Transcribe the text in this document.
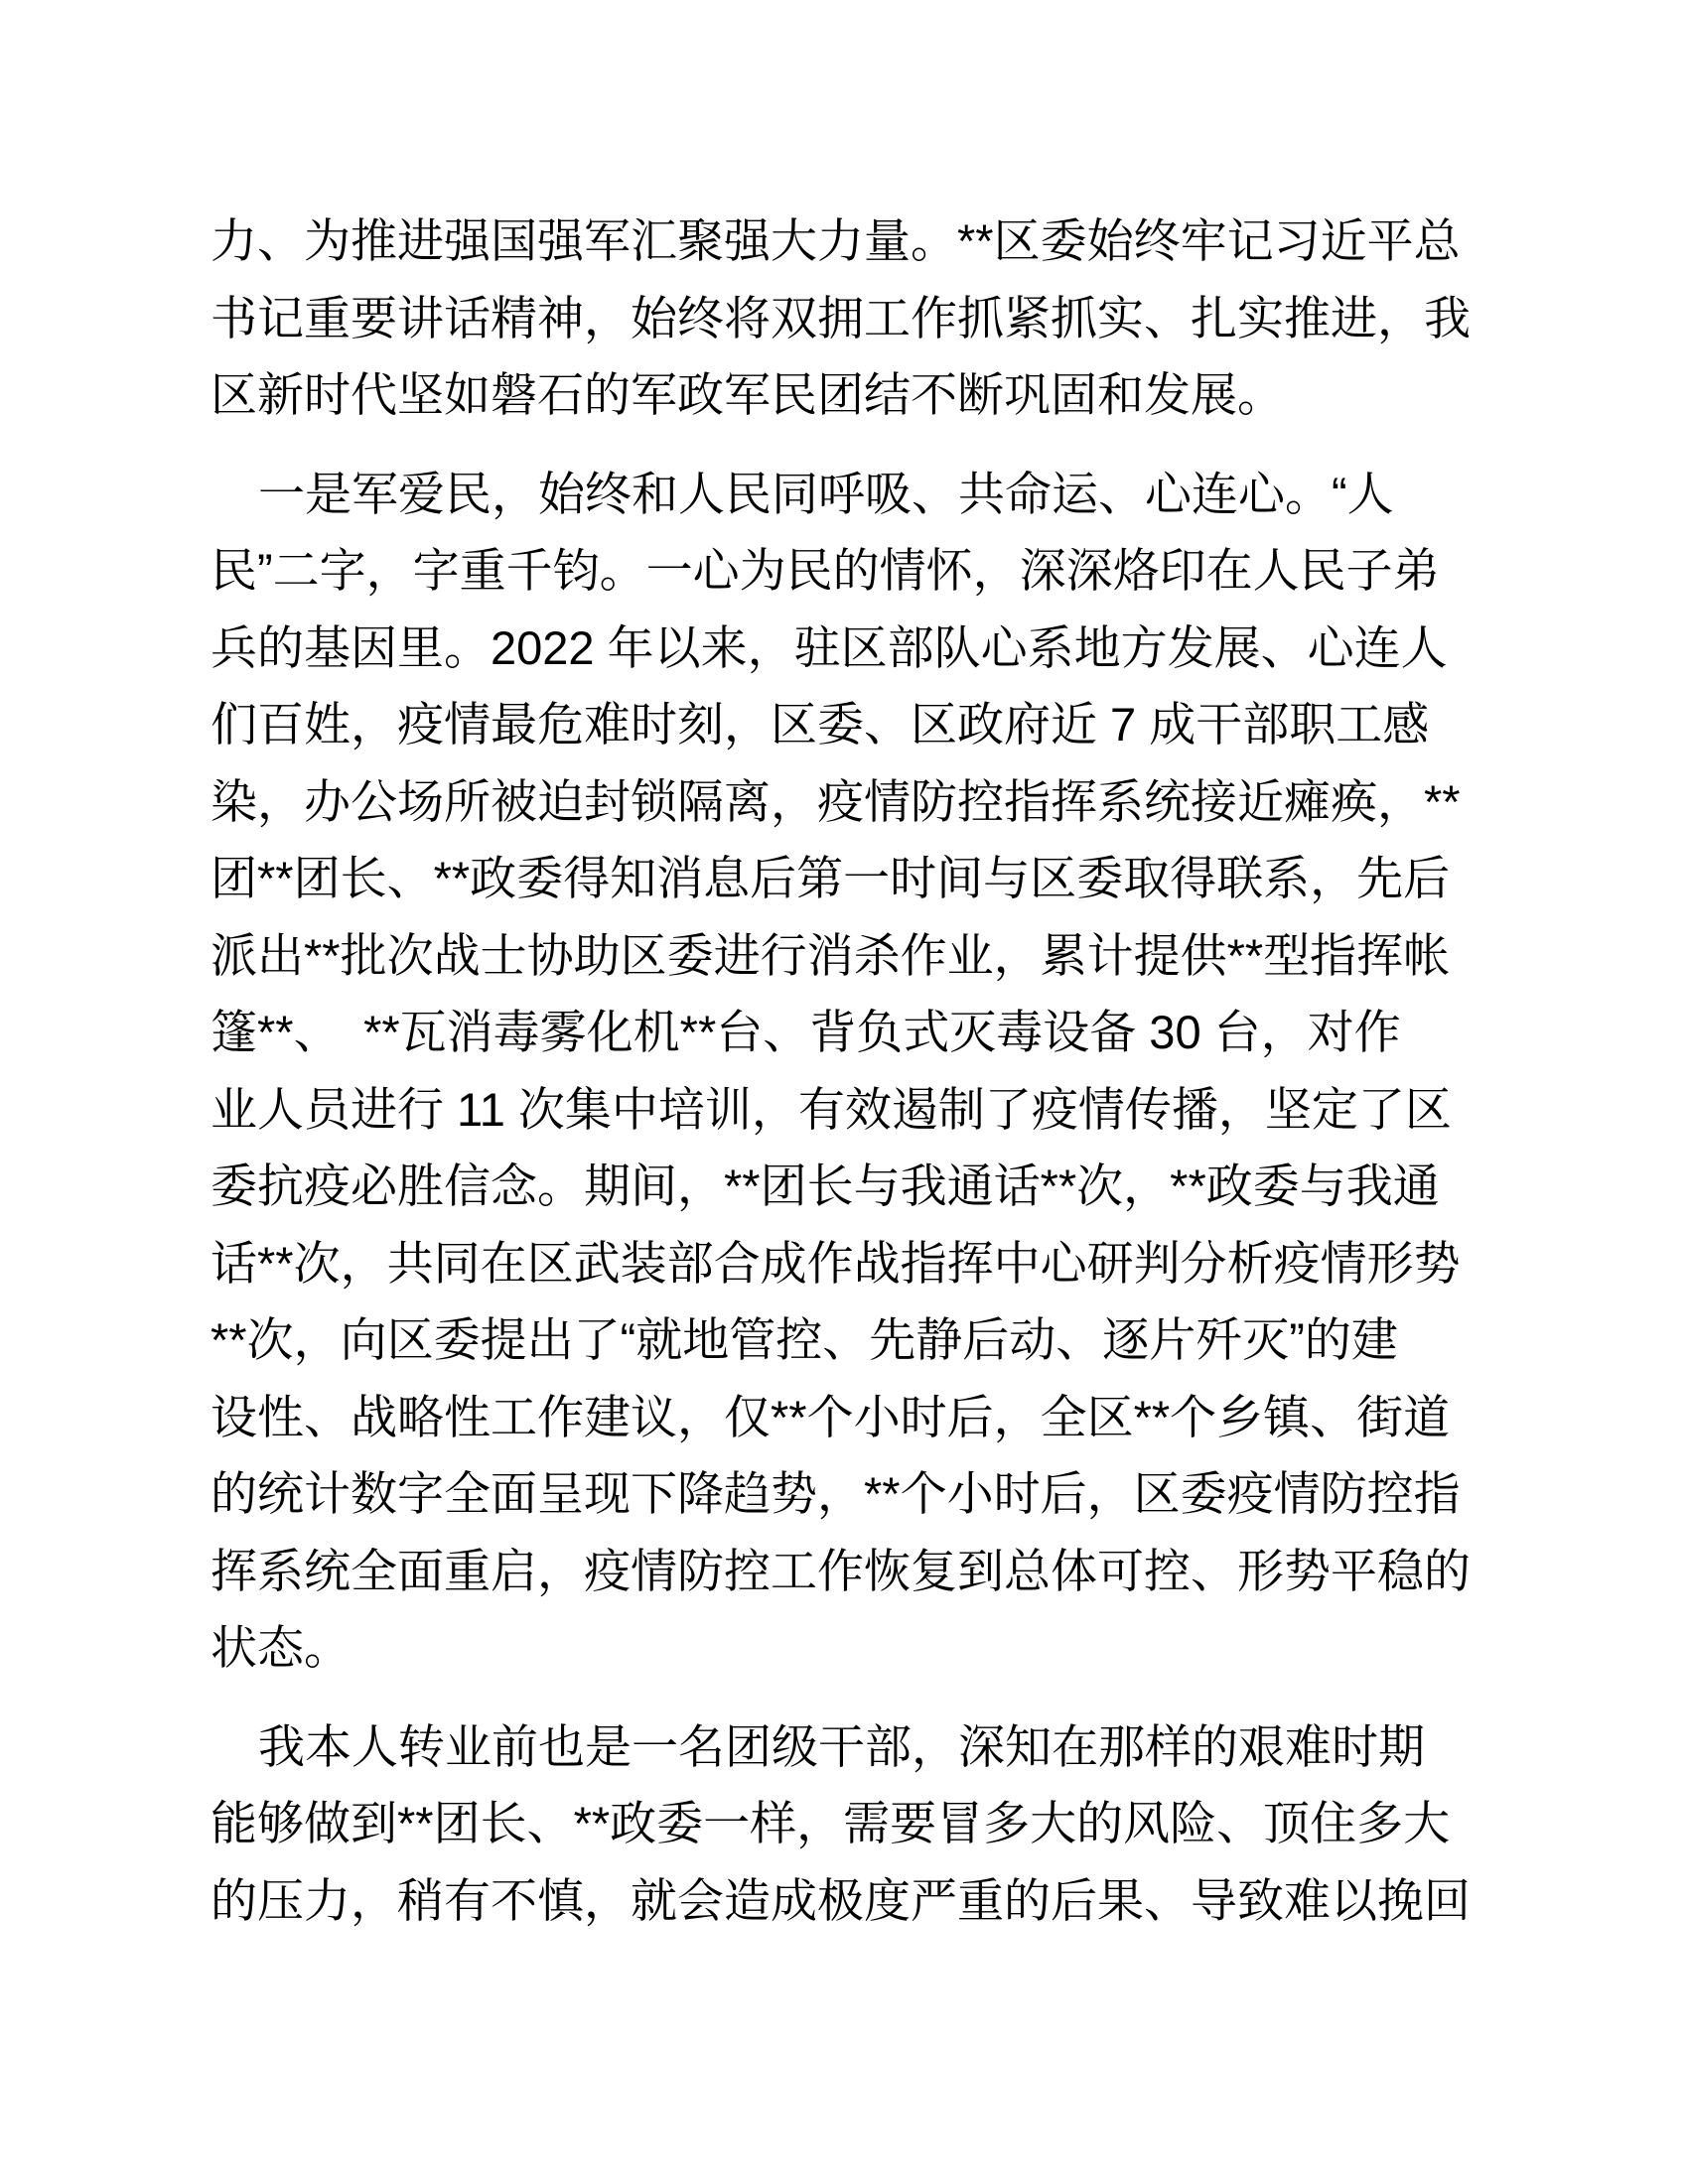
力、为推进强国强军汇聚强大力量。**区委始终牢记习近平总
书记重要讲话精神，始终将双拥工作抓紧抓实、扎实推进，我
区新时代坚如磐石的军政军民团结不断巩固和发展。
一是军爱民，始终和人民同呼吸、共命运、心连心。“人
民”二字，字重千钧。一心为民的情怀，深深烙印在人民子弟
兵的基因里。2022 年以来，驻区部队心系地方发展、心连人
们百姓，疫情最危难时刻，区委、区政府近 7 成干部职工感
染，办公场所被迫封锁隔离，疫情防控指挥系统接近瘫痪，**
团**团长、**政委得知消息后第一时间与区委取得联系，先后
派出**批次战士协助区委进行消杀作业，累计提供**型指挥帐
篷**、　**瓦消毒雾化机**台、背负式灭毒设备 30 台，对作
业人员进行 11 次集中培训，有效遏制了疫情传播，坚定了区
委抗疫必胜信念。期间，**团长与我通话**次，**政委与我通
话**次，共同在区武装部合成作战指挥中心研判分析疫情形势
**次，向区委提出了“就地管控、先静后动、逐片歼灭”的建
设性、战略性工作建议，仅**个小时后，全区**个乡镇、街道
的统计数字全面呈现下降趋势，**个小时后，区委疫情防控指
挥系统全面重启，疫情防控工作恢复到总体可控、形势平稳的
状态。
我本人转业前也是一名团级干部，深知在那样的艰难时期
能够做到**团长、**政委一样，需要冒多大的风险、顶住多大
的压力，稍有不慎，就会造成极度严重的后果、导致难以挽回
